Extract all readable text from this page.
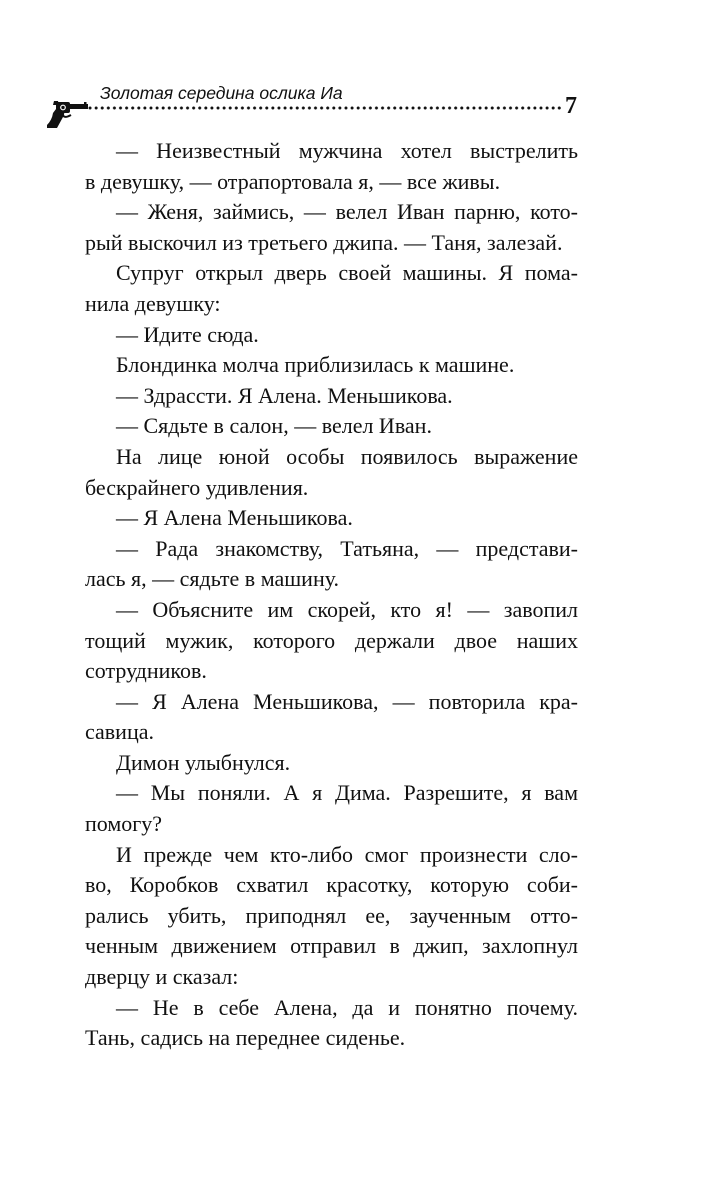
Золотая середина ослика Иа	7
— Неизвестный мужчина хотел выстрелить
в девушку, — отрапортовала я, — все живы.
— Женя, займись, — велел Иван парню, кото-
рый выскочил из третьего джипа. — Таня, залезай.
Супруг открыл дверь своей машины. Я пома-
нила девушку:
— Идите сюда.
Блондинка молча приблизилась к машине.
— Здрассти. Я Алена. Меньшикова.
— Сядьте в салон, — велел Иван.
На лице юной особы появилось выражение
бескрайнего удивления.
— Я Алена Меньшикова.
— Рада знакомству, Татьяна, — представи-
лась я, — сядьте в машину.
— Объясните им скорей, кто я! — завопил
тощий мужик, которого держали двое наших
сотрудников.
— Я Алена Меньшикова, — повторила кра-
савица.
Димон улыбнулся.
— Мы поняли. А я Дима. Разрешите, я вам
помогу?
И прежде чем кто-либо смог произнести сло-
во, Коробков схватил красотку, которую соби-
рались убить, приподнял ее, заученным отто-
ченным движением отправил в джип, захлопнул
дверцу и сказал:
— Не в себе Алена, да и понятно почему.
Тань, садись на переднее сиденье.
